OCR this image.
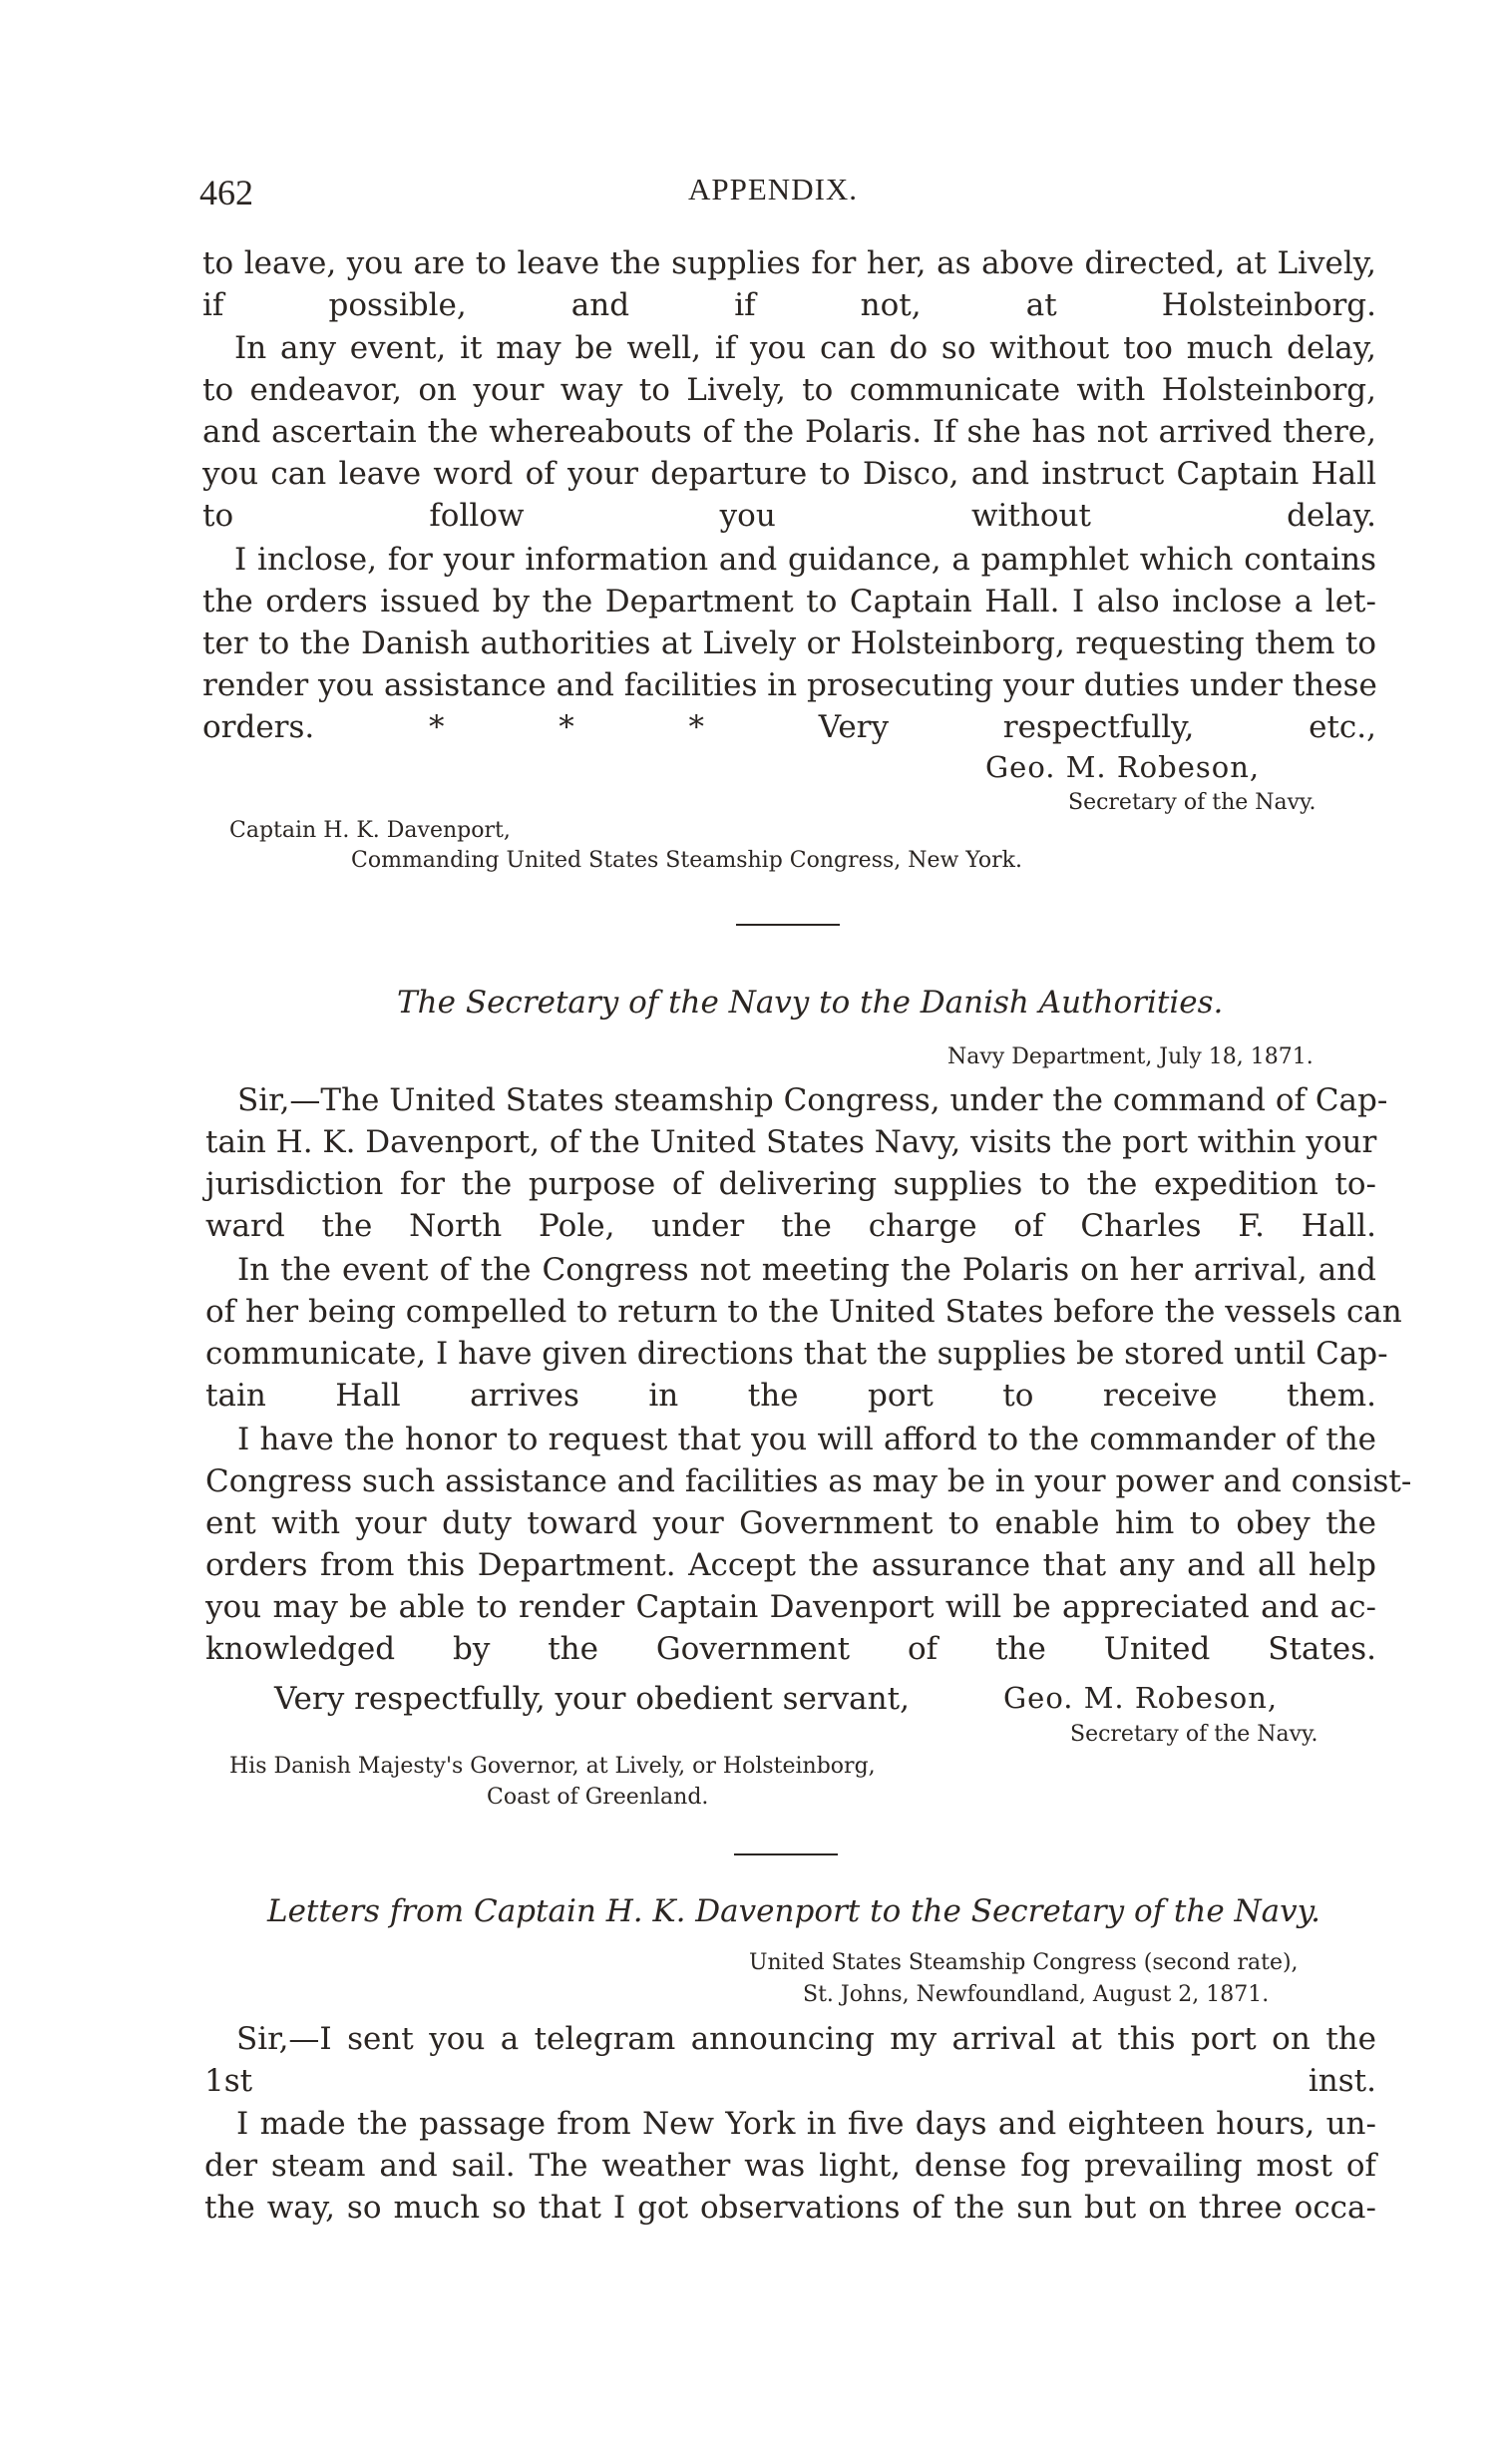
462	APPENDIX.
to leave, you are to leave the supplies for her, as above directed, at Lively,
if possible, and if not, at Holsteinborg.
In any event, it may be well, if you can do so without too much delay,
to endeavor, on your way to Lively, to communicate with Holsteinborg,
and ascertain the whereabouts of the Polaris. If she has not arrived there,
you can leave word of your departure to Disco, and instruct Captain Hall
to follow you without delay.
I inclose, for your information and guidance, a pamphlet which contains
the orders issued by the Department to Captain Hall. I also inclose a let-
ter to the Danish authorities at Lively or Holsteinborg, requesting them to
render you assistance and facilities in prosecuting your duties under these
orders. * * * Very respectfully, etc.,
Geo. M. Robeson,
Secretary of the Navy.
Captain H. K. Davenport,
Commanding United States Steamship Congress, New York.
The Secretary of the Navy to the Danish Authorities.
Navy Department, July 18, 1871.
Sir,—The United States steamship Congress, under the command of Cap-
tain H. K. Davenport, of the United States Navy, visits the port within your
jurisdiction for the purpose of delivering supplies to the expedition to-
ward the North Pole, under the charge of Charles F. Hall.
In the event of the Congress not meeting the Polaris on her arrival, and
of her being compelled to return to the United States before the vessels can
communicate, I have given directions that the supplies be stored until Cap-
tain Hall arrives in the port to receive them.
I have the honor to request that you will afford to the commander of the
Congress such assistance and facilities as may be in your power and consist-
ent with your duty toward your Government to enable him to obey the
orders from this Department. Accept the assurance that any and all help
you may be able to render Captain Davenport will be appreciated and ac-
knowledged by the Government of the United States.
Very respectfully, your obedient servant,	Geo. M. Robeson,
Secretary of the Navy.
His Danish Majesty's Governor, at Lively, or Holsteinborg,
Coast of Greenland.
Letters from Captain H. K. Davenport to the Secretary of the Navy.
United States Steamship Congress (second rate),
St. Johns, Newfoundland, August 2, 1871.
Sir,—I sent you a telegram announcing my arrival at this port on the
1st inst.
I made the passage from New York in five days and eighteen hours, un-
der steam and sail. The weather was light, dense fog prevailing most of
the way, so much so that I got observations of the sun but on three occa-
